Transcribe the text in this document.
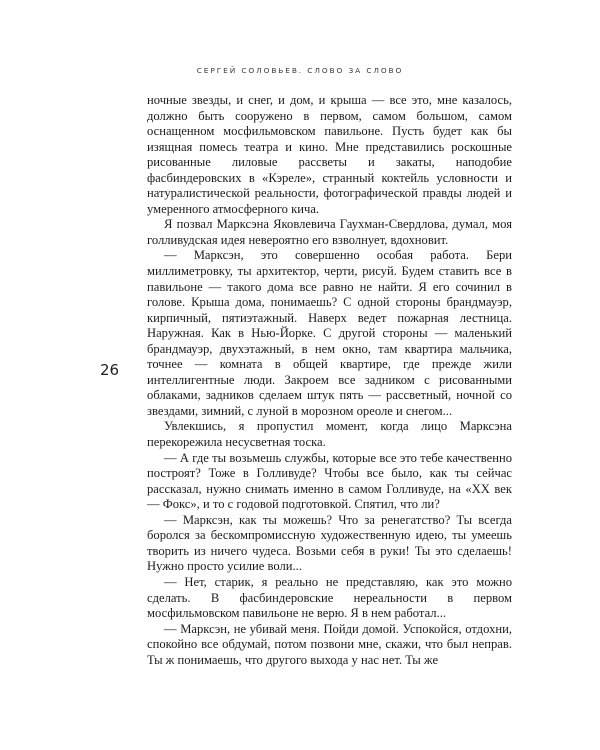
СЕРГЕЙ СОЛОВЬЕВ. СЛОВО ЗА СЛОВО
26

ночные звезды, и снег, и дом, и крыша — все это, мне казалось, должно быть сооружено в первом, самом большом, самом оснащенном мосфильмовском павильоне. Пусть будет как бы изящная помесь театра и кино. Мне представились роскошные рисованные лиловые рассветы и закаты, наподобие фасбиндеровских в «Кэреле», странный коктейль условности и натуралистической реальности, фотографической правды людей и умеренного атмосферного кича.

Я позвал Марксэна Яковлевича Гаухман-Свердлова, думал, моя голливудская идея невероятно его взволнует, вдохновит.

— Марксэн, это совершенно особая работа. Бери миллиметровку, ты архитектор, черти, рисуй. Будем ставить все в павильоне — такого дома все равно не найти. Я его сочинил в голове. Крыша дома, понимаешь? С одной стороны брандмауэр, кирпичный, пятиэтажный. Наверх ведет пожарная лестница. Наружная. Как в Нью-Йорке. С другой стороны — маленький брандмауэр, двухэтажный, в нем окно, там квартира мальчика, точнее — комната в общей квартире, где прежде жили интеллигентные люди. Закроем все задником с рисованными облаками, задников сделаем штук пять — рассветный, ночной со звездами, зимний, с луной в морозном ореоле и снегом...

Увлекшись, я пропустил момент, когда лицо Марксэна перекорежила несусветная тоска.

— А где ты возьмешь службы, которые все это тебе качественно построят? Тоже в Голливуде? Чтобы все было, как ты сейчас рассказал, нужно снимать именно в самом Голливуде, на «XX век — Фокс», и то с годовой подготовкой. Спятил, что ли?

— Марксэн, как ты можешь? Что за ренегатство? Ты всегда боролся за бескомпромиссную художественную идею, ты умеешь творить из ничего чудеса. Возьми себя в руки! Ты это сделаешь! Нужно просто усилие воли...

— Нет, старик, я реально не представляю, как это можно сделать. В фасбиндеровские нереальности в первом мосфильмовском павильоне не верю. Я в нем работал...

— Марксэн, не убивай меня. Пойди домой. Успокойся, отдохни, спокойно все обдумай, потом позвони мне, скажи, что был неправ. Ты ж понимаешь, что другого выхода у нас нет. Ты же
